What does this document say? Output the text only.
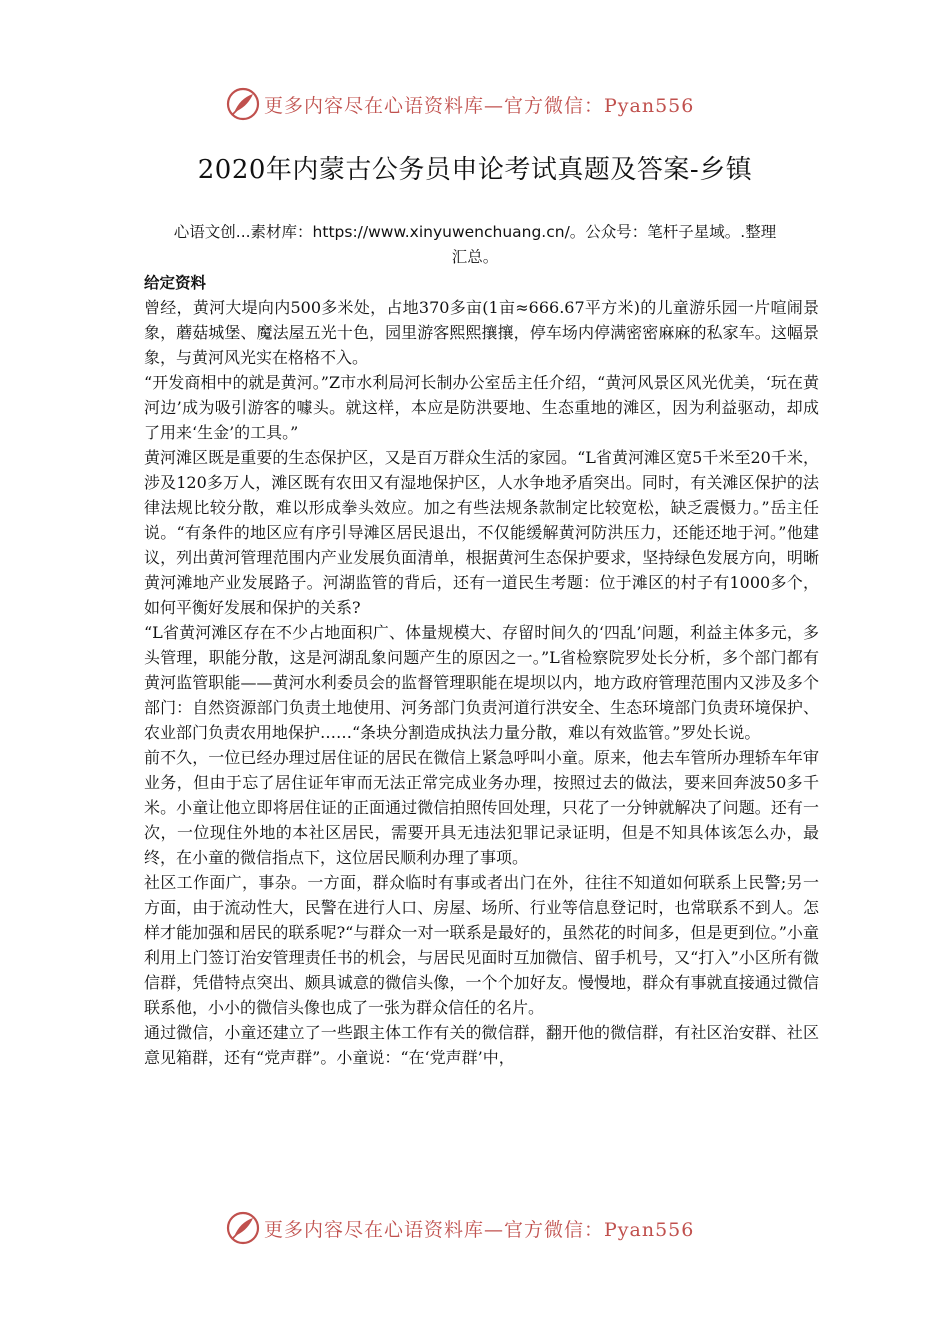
更多内容尽在心语资料库—官方微信：Pyan556
2020年内蒙古公务员申论考试真题及答案-乡镇
心语文创...素材库：https://www.xinyuwenchuang.cn/。公众号：笔杆子星域。.整理
汇总。
给定资料

曾经，黄河大堤向内500多米处，占地370多亩(1亩≈666.67平方米)的儿童游乐园一片喧闹景象，蘑菇城堡、魔法屋五光十色，园里游客熙熙攘攘，停车场内停满密密麻麻的私家车。这幅景象，与黄河风光实在格格不入。

“开发商相中的就是黄河。”Z市水利局河长制办公室岳主任介绍，“黄河风景区风光优美，‘玩在黄河边’成为吸引游客的噱头。就这样，本应是防洪要地、生态重地的滩区，因为利益驱动，却成了用来‘生金’的工具。”

黄河滩区既是重要的生态保护区，又是百万群众生活的家园。“L省黄河滩区宽5千米至20千米，涉及120多万人，滩区既有农田又有湿地保护区，人水争地矛盾突出。同时，有关滩区保护的法律法规比较分散，难以形成拳头效应。加之有些法规条款制定比较宽松，缺乏震慑力。”岳主任说。“有条件的地区应有序引导滩区居民退出，不仅能缓解黄河防洪压力，还能还地于河。”他建议，列出黄河管理范围内产业发展负面清单，根据黄河生态保护要求，坚持绿色发展方向，明晰黄河滩地产业发展路子。河湖监管的背后，还有一道民生考题：位于滩区的村子有1000多个，如何平衡好发展和保护的关系?

“L省黄河滩区存在不少占地面积广、体量规模大、存留时间久的‘四乱’问题，利益主体多元，多头管理，职能分散，这是河湖乱象问题产生的原因之一。”L省检察院罗处长分析，多个部门都有黄河监管职能——黄河水利委员会的监督管理职能在堤坝以内，地方政府管理范围内又涉及多个部门：自然资源部门负责土地使用、河务部门负责河道行洪安全、生态环境部门负责环境保护、农业部门负责农用地保护……“条块分割造成执法力量分散，难以有效监管。”罗处长说。

前不久，一位已经办理过居住证的居民在微信上紧急呼叫小童。原来，他去车管所办理轿车年审业务，但由于忘了居住证年审而无法正常完成业务办理，按照过去的做法，要来回奔波50多千米。小童让他立即将居住证的正面通过微信拍照传回处理，只花了一分钟就解决了问题。还有一次，一位现住外地的本社区居民，需要开具无违法犯罪记录证明，但是不知具体该怎么办，最终，在小童的微信指点下，这位居民顺利办理了事项。

社区工作面广，事杂。一方面，群众临时有事或者出门在外，往往不知道如何联系上民警;另一方面，由于流动性大，民警在进行人口、房屋、场所、行业等信息登记时，也常联系不到人。怎样才能加强和居民的联系呢?“与群众一对一联系是最好的，虽然花的时间多，但是更到位。”小童利用上门签订治安管理责任书的机会，与居民见面时互加微信、留手机号，又“打入”小区所有微信群，凭借特点突出、颇具诚意的微信头像，一个个加好友。慢慢地，群众有事就直接通过微信联系他，小小的微信头像也成了一张为群众信任的名片。

通过微信，小童还建立了一些跟主体工作有关的微信群，翻开他的微信群，有社区治安群、社区意见箱群，还有“党声群”。小童说：“在‘党声群’中，

更多内容尽在心语资料库—官方微信：Pyan556
